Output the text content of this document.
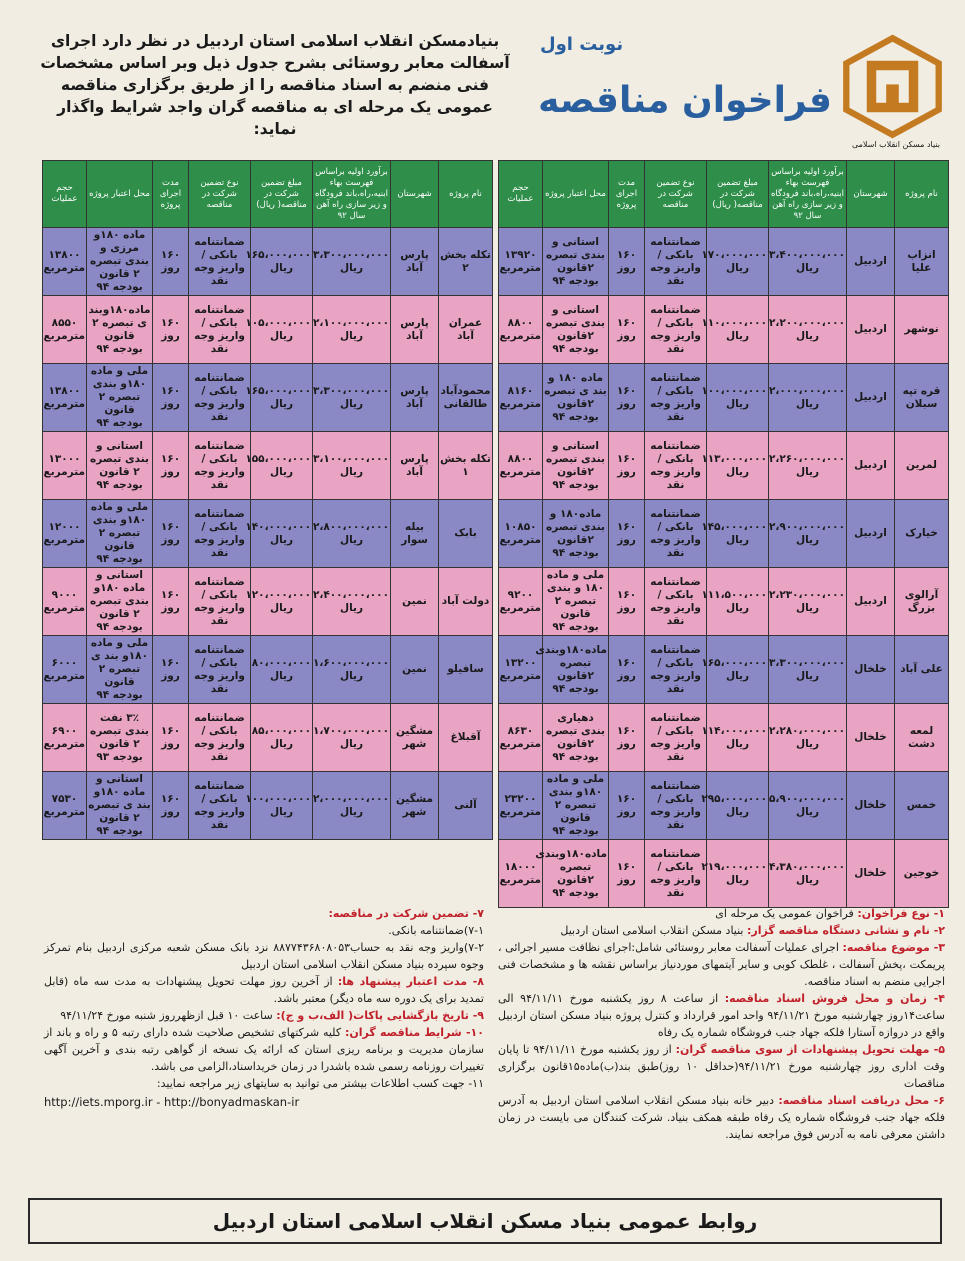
بنیاد مسکن انقلاب اسلامی
نوبت اول
فراخوان مناقصه
بنیادمسکن انقلاب اسلامی استان اردبیل در نظر دارد اجرای آسفالت معابر روستائی بشرح جدول ذیل وبر اساس مشخصات فنی منضم به اسناد مناقصه را از طریق برگزاری مناقصه عمومی یک مرحله ای به مناقصه گران واجد شرایط واگذار نماید:
نام پروژه	شهرستان	برآورد اولیه براساس فهرست بهاء ابنیه،راه،باند فرودگاه و زیر سازی راه آهن سال ۹۲	مبلغ تضمین شرکت در مناقصه( ریال)	نوع تضمین شرکت در مناقصه	مدت اجرای پروژه	محل اعتبار پروژه	حجم عملیات
انزاب علیا	اردبیل	۳،۴۰۰،۰۰۰،۰۰۰ ریال	۱۷۰،۰۰۰،۰۰۰ ریال	ضمانتنامه بانکی /واریز وجه نقد	۱۶۰ روز	استانی و بندی تبصره ۲قانون بودجه ۹۴	۱۳۹۲۰ مترمربع
نوشهر	اردبیل	۲،۲۰۰،۰۰۰،۰۰۰ ریال	۱۱۰،۰۰۰،۰۰۰ ریال	ضمانتنامه بانکی /واریز وجه نقد	۱۶۰ روز	استانی و بندی تبصره ۲قانون بودجه ۹۴	۸۸۰۰ مترمربع
قره تپه سبلان	اردبیل	۲،۰۰۰،۰۰۰،۰۰۰ ریال	۱۰۰،۰۰۰،۰۰۰ ریال	ضمانتنامه بانکی /واریز وجه نقد	۱۶۰ روز	ماده ۱۸۰ و بند ی تبصره ۲قانون بودجه ۹۴	۸۱۶۰ مترمربع
لمرین	اردبیل	۲،۲۶۰،۰۰۰،۰۰۰ ریال	۱۱۳،۰۰۰،۰۰۰ ریال	ضمانتنامه بانکی /واریز وجه نقد	۱۶۰ روز	استانی و بندی تبصره ۲قانون بودجه ۹۴	۸۸۰۰ مترمربع
خیارک	اردبیل	۲،۹۰۰،۰۰۰،۰۰۰ ریال	۱۴۵،۰۰۰،۰۰۰ ریال	ضمانتنامه بانکی /واریز وجه نقد	۱۶۰ روز	ماده۱۸۰ و بندی تبصره ۲قانون بودجه ۹۴	۱۰۸۵۰ مترمربع
آرالوی بزرگ	اردبیل	۲،۲۳۰،۰۰۰،۰۰۰ ریال	۱۱۱،۵۰۰،۰۰۰ ریال	ضمانتنامه بانکی /واریز وجه نقد	۱۶۰ روز	ملی و ماده ۱۸۰ و بندی تبصره ۲ قانون بودجه ۹۴	۹۲۰۰ مترمربع
علی آباد	خلخال	۳،۳۰۰،۰۰۰،۰۰۰ ریال	۱۶۵،۰۰۰،۰۰۰ ریال	ضمانتنامه بانکی /واریز وجه نقد	۱۶۰ روز	ماده۱۸۰وبندی تبصره ۲قانون بودجه ۹۴	۱۳۲۰۰ مترمربع
لمعه دشت	خلخال	۲،۲۸۰،۰۰۰،۰۰۰ ریال	۱۱۴،۰۰۰،۰۰۰ ریال	ضمانتنامه بانکی /واریز وجه نقد	۱۶۰ روز	دهیاری بندی تبصره ۲قانون بودجه ۹۴	۸۶۳۰ مترمربع
خمس	خلخال	۵،۹۰۰،۰۰۰،۰۰۰ ریال	۲۹۵،۰۰۰،۰۰۰ ریال	ضمانتنامه بانکی /واریز وجه نقد	۱۶۰ روز	ملی و ماده ۱۸۰و بندی تبصره ۲ قانون بودجه ۹۴	۲۳۲۰۰ مترمربع
خوجین	خلخال	۴،۳۸۰،۰۰۰،۰۰۰ ریال	۲۱۹،۰۰۰،۰۰۰ ریال	ضمانتنامه بانکی /واریز وجه نقد	۱۶۰ روز	ماده۱۸۰وبندی تبصره ۲قانون بودجه ۹۴	۱۸۰۰۰ مترمربع
نام پروژه	شهرستان	برآورد اولیه براساس فهرست بهاء ابنیه،راه،باند فرودگاه و زیر سازی راه آهن سال ۹۲	مبلغ تضمین شرکت در مناقصه( ریال)	نوع تضمین شرکت در مناقصه	مدت اجرای پروژه	محل اعتبار پروژه	حجم عملیات
تکله بخش ۲	پارس آباد	۳،۳۰۰،۰۰۰،۰۰۰ ریال	۱۶۵،۰۰۰،۰۰۰ ریال	ضمانتنامه بانکی /واریز وجه نقد	۱۶۰ روز	ماده ۱۸۰و مرزی و بندی تبصره ۲ قانون بودجه ۹۴	۱۳۸۰۰ مترمربع
عمران آباد	پارس آباد	۲،۱۰۰،۰۰۰،۰۰۰ ریال	۱۰۵،۰۰۰،۰۰۰ ریال	ضمانتنامه بانکی /واریز وجه نقد	۱۶۰ روز	ماده۱۸۰وبند ی تبصره ۲ قانون بودجه ۹۴	۸۵۵۰ مترمربع
محمودآباد طالقانی	پارس آباد	۳،۳۰۰،۰۰۰،۰۰۰ ریال	۱۶۵،۰۰۰،۰۰۰ ریال	ضمانتنامه بانکی /واریز وجه نقد	۱۶۰ روز	ملی و ماده ۱۸۰و بندی تبصره ۲ قانون بودجه ۹۴	۱۳۸۰۰ مترمربع
تکله بخش ۱	پارس آباد	۳،۱۰۰،۰۰۰،۰۰۰ ریال	۱۵۵،۰۰۰،۰۰۰ ریال	ضمانتنامه بانکی /واریز وجه نقد	۱۶۰ روز	استانی و بندی تبصره ۲ قانون بودجه ۹۴	۱۳۰۰۰ مترمربع
بابک	بیله سوار	۲،۸۰۰،۰۰۰،۰۰۰ ریال	۱۴۰،۰۰۰،۰۰۰ ریال	ضمانتنامه بانکی /واریز وجه نقد	۱۶۰ روز	ملی و ماده ۱۸۰و بندی تبصره ۲ قانون بودجه ۹۴	۱۲۰۰۰ مترمربع
دولت آباد	نمین	۲،۴۰۰،۰۰۰،۰۰۰ ریال	۱۲۰،۰۰۰،۰۰۰ ریال	ضمانتنامه بانکی /واریز وجه نقد	۱۶۰ روز	استانی و ماده ۱۸۰و بندی تبصره ۲ قانون بودجه ۹۴	۹۰۰۰ مترمربع
سافیلو	نمین	۱،۶۰۰،۰۰۰،۰۰۰ ریال	۸۰،۰۰۰،۰۰۰ ریال	ضمانتنامه بانکی /واریز وجه نقد	۱۶۰ روز	ملی و ماده ۱۸۰و بند ی تبصره ۲ قانون بودجه ۹۴	۶۰۰۰ مترمربع
آقبلاغ	مشگین شهر	۱،۷۰۰،۰۰۰،۰۰۰ ریال	۸۵،۰۰۰،۰۰۰ ریال	ضمانتنامه بانکی /واریز وجه نقد	۱۶۰ روز	۳٪ نفت بندی تبصره ۲ قانون بودجه ۹۳	۶۹۰۰ مترمربع
آلنی	مشگین شهر	۲،۰۰۰،۰۰۰،۰۰۰ ریال	۱۰۰،۰۰۰،۰۰۰ ریال	ضمانتنامه بانکی /واریز وجه نقد	۱۶۰ روز	استانی و ماده ۱۸۰و بند ی تبصره ۲ قانون بودجه ۹۴	۷۵۳۰ مترمربع
۱- نوع فراخوان: فراخوان عمومی یک مرحله ای
۲- نام و نشانی دستگاه مناقصه گزار: بنیاد مسکن انقلاب اسلامی استان اردبیل
۳- موضوع مناقصه: اجرای عملیات آسفالت معابر روستائی شامل:اجرای نظافت مسیر اجرائی ، پریمکت ،پخش آسفالت ، غلطک کوبی و سایر آیتمهای موردنیاز براساس نقشه ها و مشخصات فنی اجرایی منضم به اسناد مناقصه.
۴- زمان و محل فروش اسناد مناقصه: از ساعت ۸ روز یکشنبه مورخ ۹۴/۱۱/۱۱ الی ساعت۱۴روز چهارشنبه مورخ ۹۴/۱۱/۲۱ واحد امور قرارداد و کنترل پروژه بنیاد مسکن استان اردبیل واقع در دروازه آستارا فلکه جهاد جنب فروشگاه شماره یک رفاه
۵- مهلت تحویل پیشنهادات از سوی مناقصه گران: از روز یکشنبه مورخ ۹۴/۱۱/۱۱ تا پایان وقت اداری روز چهارشنبه مورخ ۹۴/۱۱/۲۱(حداقل ۱۰ روز)طبق بند(ب)ماده۱۵قانون برگزاری مناقصات
۶- محل دریافت اسناد مناقصه: دبیر خانه بنیاد مسکن انقلاب اسلامی استان اردبیل به آدرس فلکه جهاد جنب فروشگاه شماره یک رفاه طبقه همکف بنیاد. شرکت کنندگان می بایست در زمان داشتن معرفی نامه به آدرس فوق مراجعه نمایند.
۷- تضمین شرکت در مناقصه:
۷-۱)ضمانتنامه بانکی.
۷-۲)واریز وجه نقد به حساب۸۸۷۷۴۳۶۸۰۸۰۵۳ نزد بانک مسکن شعبه مرکزی اردبیل بنام تمرکز وجوه سپرده بنیاد مسکن انقلاب اسلامی استان اردبیل
۸- مدت اعتبار پیشنهاد ها: از آخرین روز مهلت تحویل پیشنهادات به مدت سه ماه (قابل تمدید برای یک دوره سه ماه دیگر) معتبر باشد.
۹- تاریخ بازگشایی پاکات( الف،ب و ج): ساعت ۱۰ قبل ازظهرروز شنبه مورخ ۹۴/۱۱/۲۴
۱۰- شرایط مناقصه گران: کلیه شرکتهای تشخیص صلاحیت شده دارای رتبه ۵ و راه و باند از سازمان مدیریت و برنامه ریزی استان که ارائه یک نسخه از گواهی رتبه بندی و آخرین آگهی تغییرات روزنامه رسمی شده باشدرا در زمان خریداسناد،الزامی می باشد.
۱۱- جهت کسب اطلاعات بیشتر می توانید به سایتهای زیر مراجعه نمایید:
http://iets.mporg.ir - http://bonyadmaskan-ir
روابط عمومی بنیاد مسکن انقلاب اسلامی استان اردبیل
